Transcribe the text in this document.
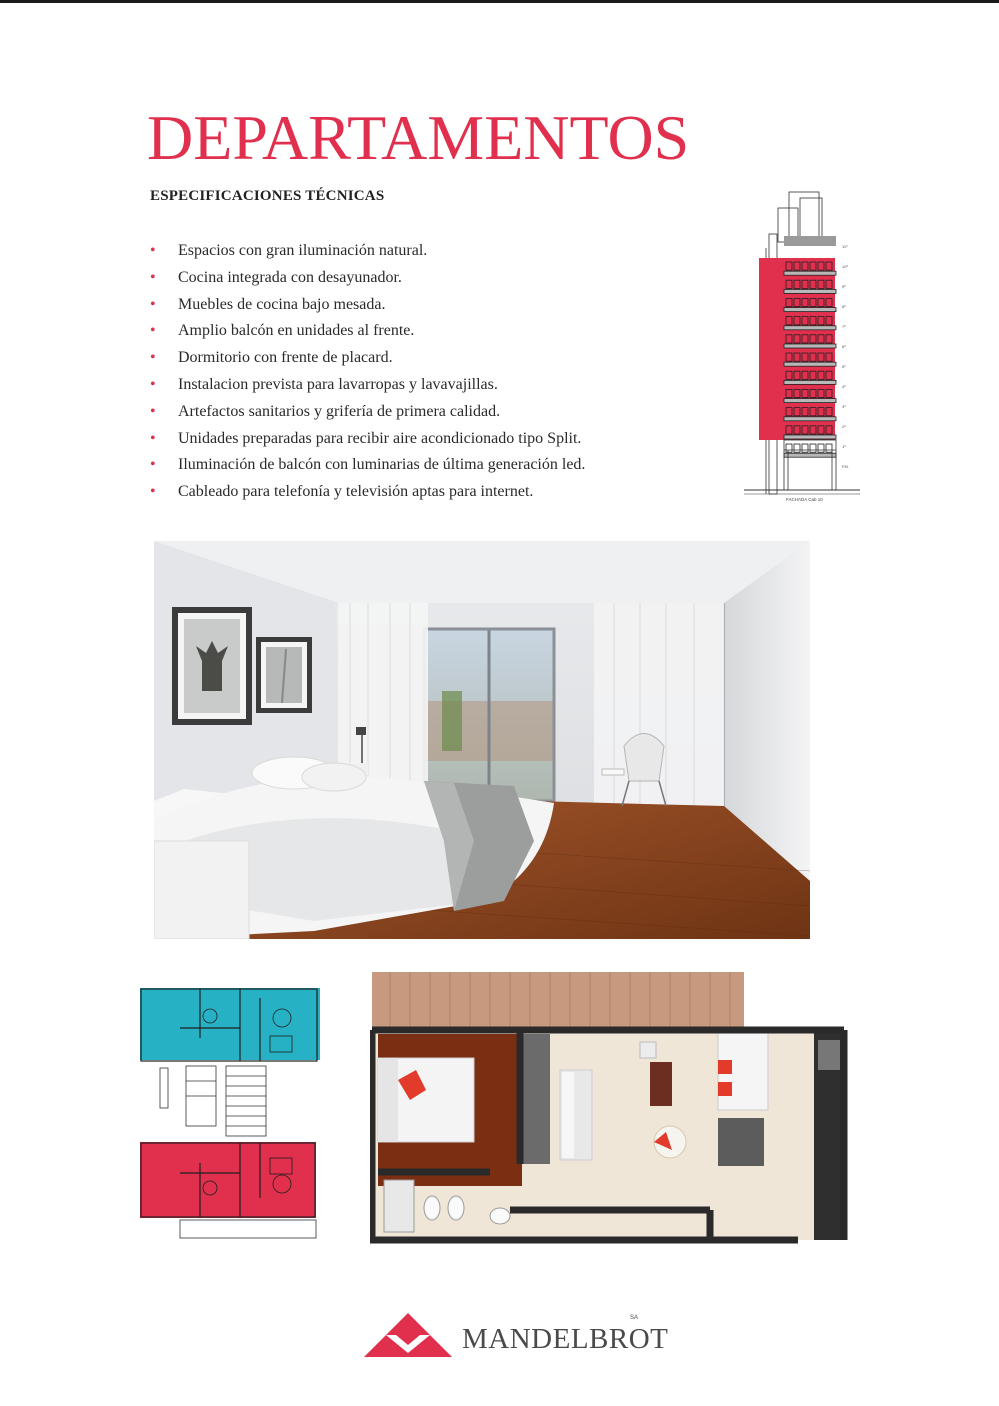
DEPARTAMENTOS
ESPECIFICACIONES TÉCNICAS
• Espacios con gran iluminación natural.
• Cocina integrada con desayunador.
• Muebles de cocina bajo mesada.
• Amplio balcón en unidades al frente.
• Dormitorio con frente de placard.
• Instalacion prevista para lavarropas y lavavajillas.
• Artefactos sanitarios y grifería de primera calidad.
• Unidades preparadas para recibir aire acondicionado tipo Split.
• Iluminación de balcón con luminarias de última generación led.
• Cableado para telefonía y televisión aptas para internet.
11º
10º
9º
8º
7º
6º
5º
4º
3º
2º
1º
P.B.
FACHADA Cab 10
SA
MANDELBROT
